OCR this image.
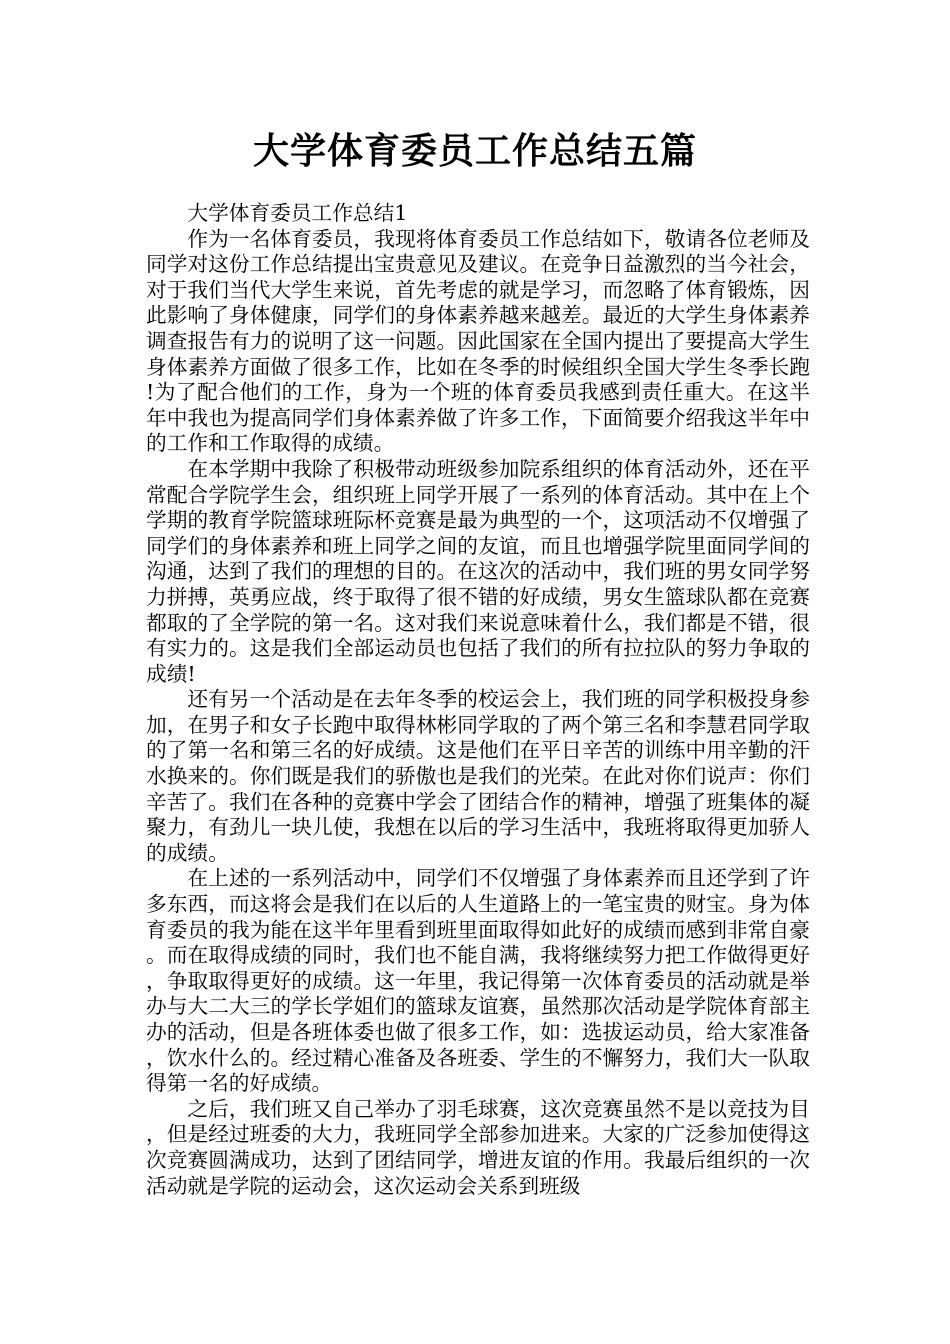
大学体育委员工作总结五篇

大学体育委员工作总结1

作为一名体育委员，我现将体育委员工作总结如下，敬请各位老师及同学对这份工作总结提出宝贵意见及建议。在竞争日益激烈的当今社会，对于我们当代大学生来说，首先考虑的就是学习，而忽略了体育锻炼，因此影响了身体健康，同学们的身体素养越来越差。最近的大学生身体素养调查报告有力的说明了这一问题。因此国家在全国内提出了要提高大学生身体素养方面做了很多工作，比如在冬季的时候组织全国大学生冬季长跑!为了配合他们的工作，身为一个班的体育委员我感到责任重大。在这半年中我也为提高同学们身体素养做了许多工作，下面简要介绍我这半年中的工作和工作取得的成绩。

在本学期中我除了积极带动班级参加院系组织的体育活动外，还在平常配合学院学生会，组织班上同学开展了一系列的体育活动。其中在上个学期的教育学院篮球班际杯竞赛是最为典型的一个，这项活动不仅增强了同学们的身体素养和班上同学之间的友谊，而且也增强学院里面同学间的沟通，达到了我们的理想的目的。在这次的活动中，我们班的男女同学努力拼搏，英勇应战，终于取得了很不错的好成绩，男女生篮球队都在竞赛都取的了全学院的第一名。这对我们来说意味着什么，我们都是不错，很有实力的。这是我们全部运动员也包括了我们的所有拉拉队的努力争取的成绩!

还有另一个活动是在去年冬季的校运会上，我们班的同学积极投身参加，在男子和女子长跑中取得林彬同学取的了两个第三名和李慧君同学取的了第一名和第三名的好成绩。这是他们在平日辛苦的训练中用辛勤的汗水换来的。你们既是我们的骄傲也是我们的光荣。在此对你们说声：你们辛苦了。我们在各种的竞赛中学会了团结合作的精神，增强了班集体的凝聚力，有劲儿一块儿使，我想在以后的学习生活中，我班将取得更加骄人的成绩。

在上述的一系列活动中，同学们不仅增强了身体素养而且还学到了许多东西，而这将会是我们在以后的人生道路上的一笔宝贵的财宝。身为体育委员的我为能在这半年里看到班里面取得如此好的成绩而感到非常自豪。而在取得成绩的同时，我们也不能自满，我将继续努力把工作做得更好，争取取得更好的成绩。这一年里，我记得第一次体育委员的活动就是举办与大二大三的学长学姐们的篮球友谊赛，虽然那次活动是学院体育部主办的活动，但是各班体委也做了很多工作，如：选拔运动员，给大家准备，饮水什么的。经过精心准备及各班委、学生的不懈努力，我们大一队取得第一名的好成绩。

之后，我们班又自己举办了羽毛球赛，这次竞赛虽然不是以竞技为目，但是经过班委的大力，我班同学全部参加进来。大家的广泛参加使得这次竞赛圆满成功，达到了团结同学，增进友谊的作用。我最后组织的一次活动就是学院的运动会，这次运动会关系到班级
